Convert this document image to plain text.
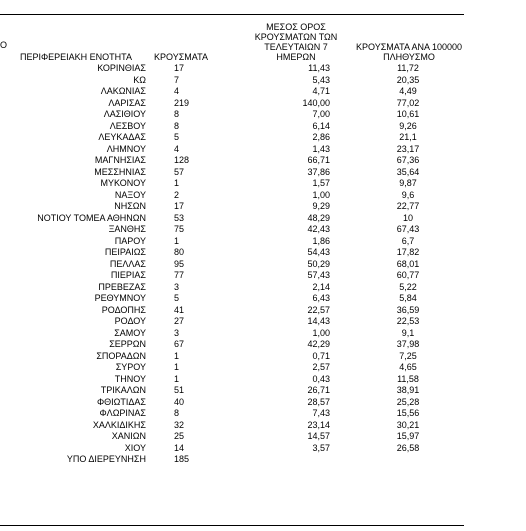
Ο
ΠΕΡΙΦΕΡΕΙΑΚΗ ΕΝΟΤΗΤΑ	ΚΡΟΥΣΜΑΤΑ
ΜΕΣΟΣ ΟΡΟΣ
ΚΡΟΥΣΜΑΤΩΝ ΤΩΝ
ΤΕΛΕΥΤΑΙΩΝ 7 ΗΜΕΡΩΝ
ΚΡΟΥΣΜΑΤΑ ΑΝΑ 100000
ΠΛΗΘΥΣΜΟ
ΚΟΡΙΝΘΙΑΣ	17	11,43	11,72
ΚΩ	7	5,43	20,35
ΛΑΚΩΝΙΑΣ	4	4,71	4,49
ΛΑΡΙΣΑΣ	219	140,00	77,02
ΛΑΣΙΘΙΟΥ	8	7,00	10,61
ΛΕΣΒΟΥ	8	6,14	9,26
ΛΕΥΚΑΔΑΣ	5	2,86	21,1
ΛΗΜΝΟΥ	4	1,43	23,17
ΜΑΓΝΗΣΙΑΣ	128	66,71	67,36
ΜΕΣΣΗΝΙΑΣ	57	37,86	35,64
ΜΥΚΟΝΟΥ	1	1,57	9,87
ΝΑΞΟΥ	2	1,00	9,6
ΝΗΣΩΝ	17	9,29	22,77
ΝΟΤΙΟΥ ΤΟΜΕΑ ΑΘΗΝΩΝ	53	48,29	10
ΞΑΝΘΗΣ	75	42,43	67,43
ΠΑΡΟΥ	1	1,86	6,7
ΠΕΙΡΑΙΩΣ	80	54,43	17,82
ΠΕΛΛΑΣ	95	50,29	68,01
ΠΙΕΡΙΑΣ	77	57,43	60,77
ΠΡΕΒΕΖΑΣ	3	2,14	5,22
ΡΕΘΥΜΝΟΥ	5	6,43	5,84
ΡΟΔΟΠΗΣ	41	22,57	36,59
ΡΟΔΟΥ	27	14,43	22,53
ΣΑΜΟΥ	3	1,00	9,1
ΣΕΡΡΩΝ	67	42,29	37,98
ΣΠΟΡΑΔΩΝ	1	0,71	7,25
ΣΥΡΟΥ	1	2,57	4,65
ΤΗΝΟΥ	1	0,43	11,58
ΤΡΙΚΑΛΩΝ	51	26,71	38,91
ΦΘΙΩΤΙΔΑΣ	40	28,57	25,28
ΦΛΩΡΙΝΑΣ	8	7,43	15,56
ΧΑΛΚΙΔΙΚΗΣ	32	23,14	30,21
ΧΑΝΙΩΝ	25	14,57	15,97
ΧΙΟΥ	14	3,57	26,58
ΥΠΟ ΔΙΕΡΕΥΝΗΣΗ	185
